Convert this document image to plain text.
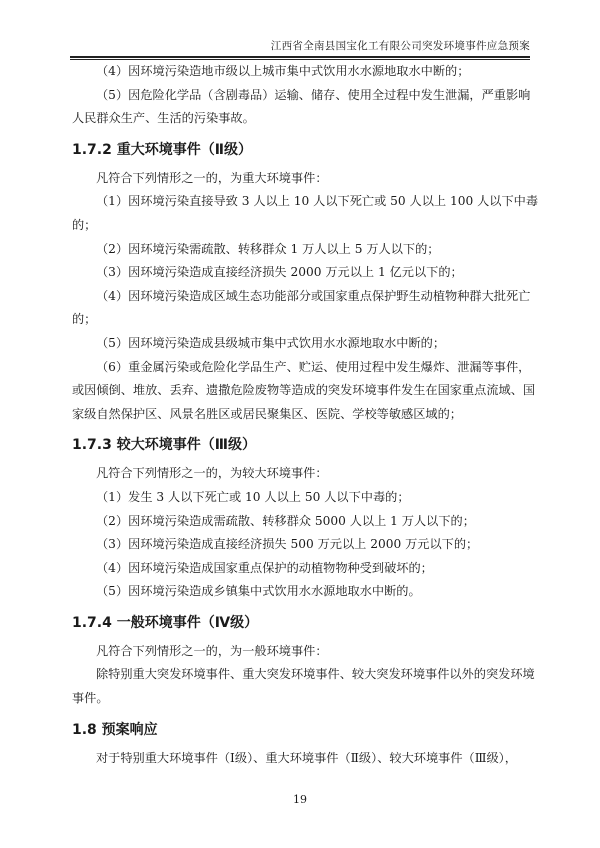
江西省全南县国宝化工有限公司突发环境事件应急预案

（4）因环境污染造地市级以上城市集中式饮用水水源地取水中断的；

（5）因危险化学品（含剧毒品）运输、储存、使用全过程中发生泄漏，严重影响人民群众生产、生活的污染事故。

1.7.2 重大环境事件（Ⅱ级）

凡符合下列情形之一的，为重大环境事件：

（1）因环境污染直接导致 3 人以上 10 人以下死亡或 50 人以上 100 人以下中毒的；

（2）因环境污染需疏散、转移群众 1 万人以上 5 万人以下的；

（3）因环境污染造成直接经济损失 2000 万元以上 1 亿元以下的；

（4）因环境污染造成区域生态功能部分或国家重点保护野生动植物种群大批死亡的；

（5）因环境污染造成县级城市集中式饮用水水源地取水中断的；

（6）重金属污染或危险化学品生产、贮运、使用过程中发生爆炸、泄漏等事件，或因倾倒、堆放、丢弃、遗撒危险废物等造成的突发环境事件发生在国家重点流域、国家级自然保护区、风景名胜区或居民聚集区、医院、学校等敏感区域的；

1.7.3 较大环境事件（Ⅲ级）

凡符合下列情形之一的，为较大环境事件：

（1）发生 3 人以下死亡或 10 人以上 50 人以下中毒的；

（2）因环境污染造成需疏散、转移群众 5000 人以上 1 万人以下的；

（3）因环境污染造成直接经济损失 500 万元以上 2000 万元以下的；

（4）因环境污染造成国家重点保护的动植物物种受到破坏的；

（5）因环境污染造成乡镇集中式饮用水水源地取水中断的。

1.7.4 一般环境事件（Ⅳ级）

凡符合下列情形之一的，为一般环境事件：

除特别重大突发环境事件、重大突发环境事件、较大突发环境事件以外的突发环境事件。

1.8 预案响应

对于特别重大环境事件（Ⅰ级）、重大环境事件（Ⅱ级）、较大环境事件（Ⅲ级），

19
